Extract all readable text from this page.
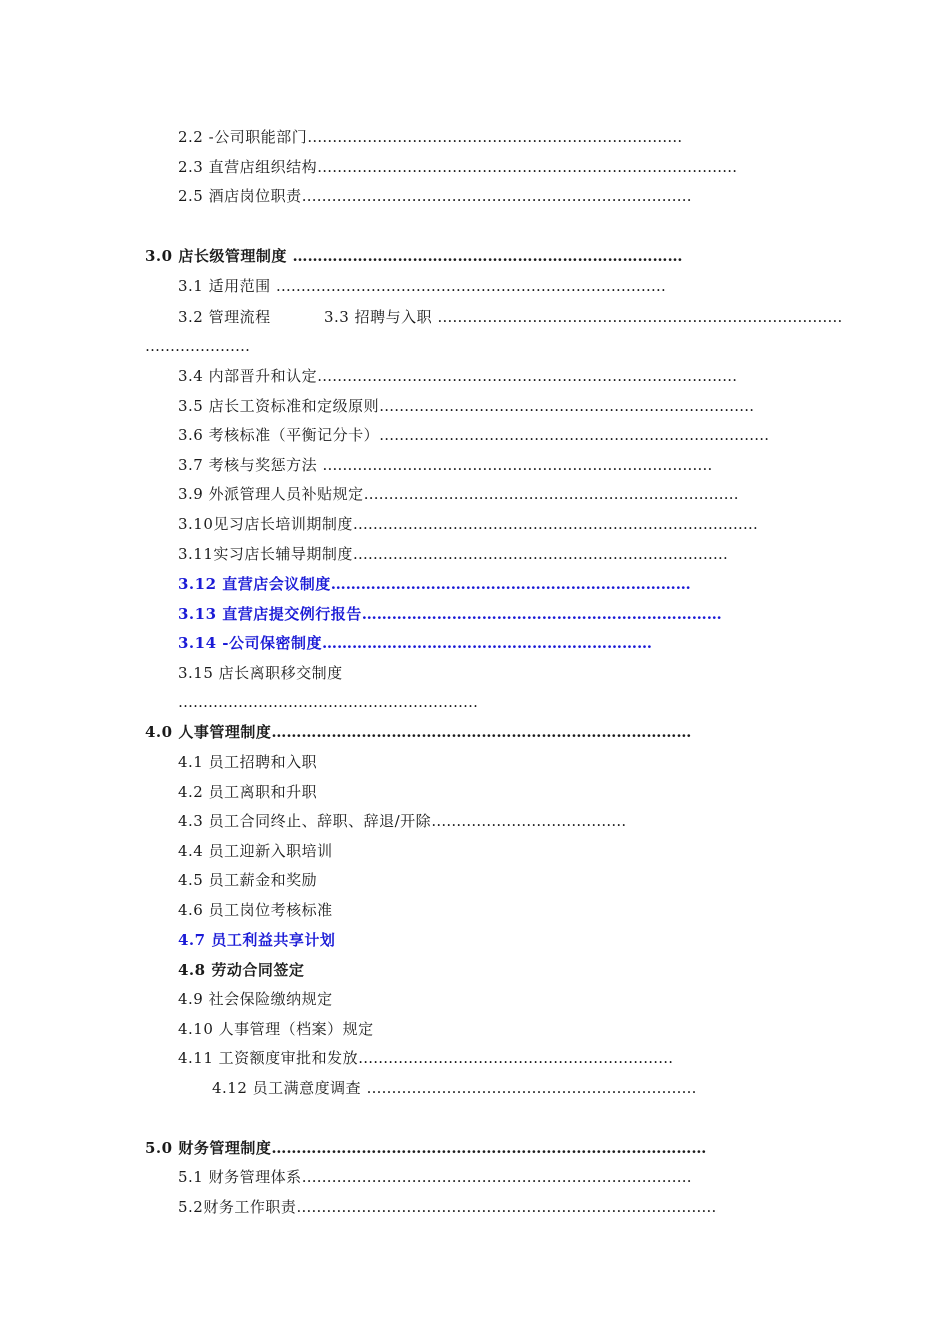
2.2 -公司职能部门…………………………………………………………………
2.3 直营店组织结构…………………………………………………………………………
2.5 酒店岗位职责……………………………………………………………………
3.0 店长级管理制度 ……………………………………………………………………
3.1 适用范围 ……………………………………………………………………
3.2 管理流程	3.3 招聘与入职 ………………………………………………………………………
…………………
3.4 内部晋升和认定…………………………………………………………………………
3.5 店长工资标准和定级原则…………………………………………………………………
3.6 考核标准（平衡记分卡）……………………………………………………………………
3.7 考核与奖惩方法 ……………………………………………………………………
3.9 外派管理人员补贴规定…………………………………………………………………
3.10见习店长培训期制度………………………………………………………………………
3.11实习店长辅导期制度…………………………………………………………………
3.12 直营店会议制度………………………………………………………………
3.13 直营店提交例行报告………………………………………………………………
3.14 -公司保密制度…………………………………………………………
3.15 店长离职移交制度
……………………………………………………
4.0 人事管理制度…………………………………………………………………………
4.1 员工招聘和入职
4.2 员工离职和升职
4.3 员工合同终止、辞职、辞退/开除…………………………………
4.4 员工迎新入职培训
4.5 员工薪金和奖励
4.6 员工岗位考核标准
4.7 员工利益共享计划
4.8 劳动合同签定
4.9 社会保险缴纳规定
4.10 人事管理（档案）规定
4.11 工资额度审批和发放………………………………………………………
4.12 员工满意度调查 …………………………………………………………
5.0 财务管理制度……………………………………………………………………………
5.1 财务管理体系……………………………………………………………………
5.2财务工作职责…………………………………………………………………………
